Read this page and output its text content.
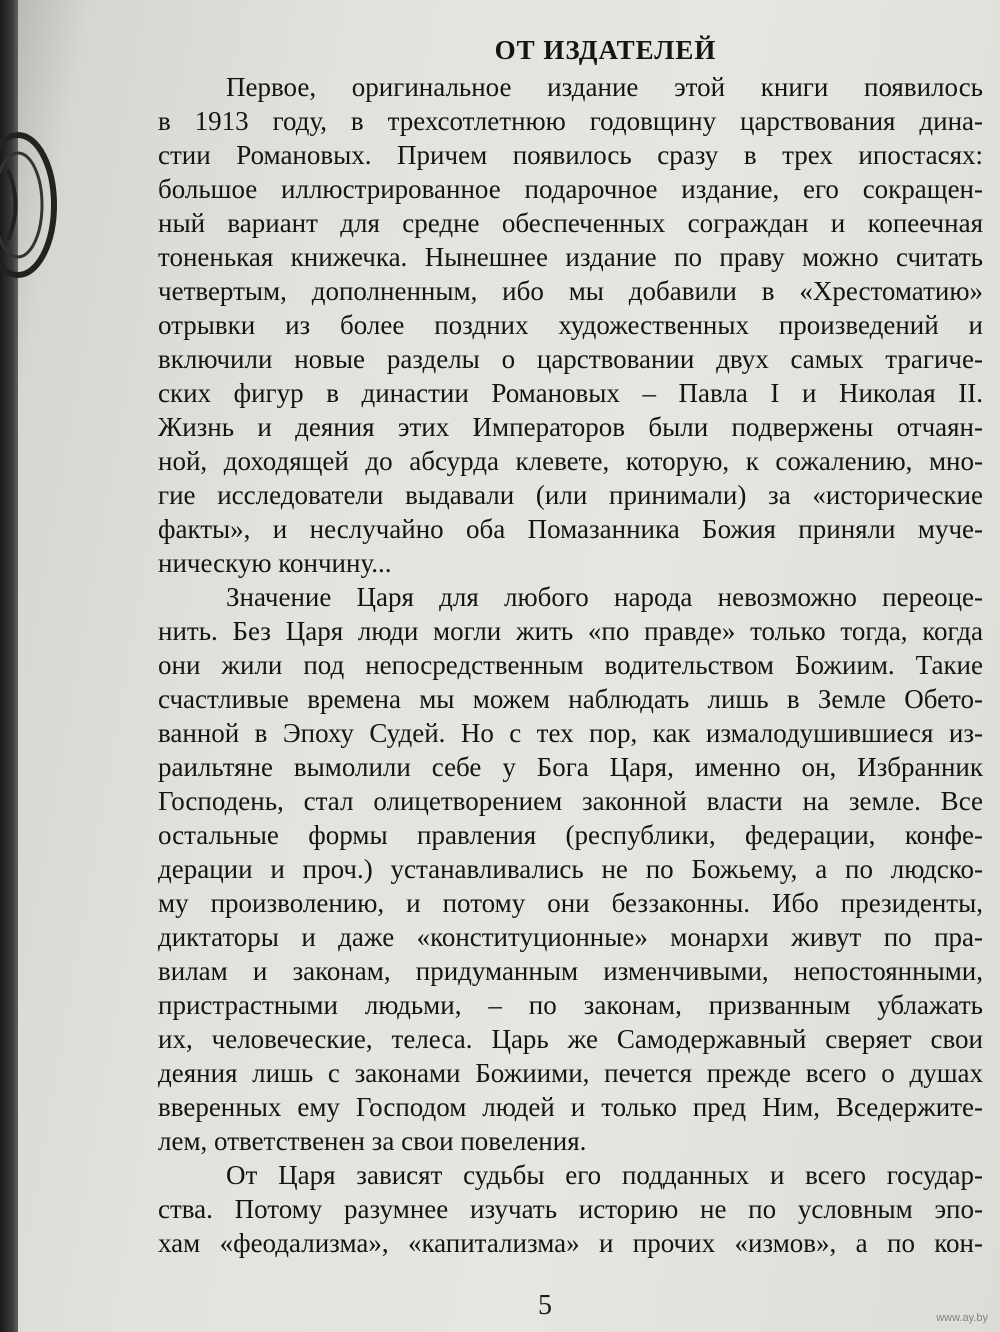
ОТ ИЗДАТЕЛЕЙ
Первое, оригинальное издание этой книги появилось
в 1913 году, в трехсотлетнюю годовщину царствования дина-
стии Романовых. Причем появилось сразу в трех ипостасях:
большое иллюстрированное подарочное издание, его сокращен-
ный вариант для средне обеспеченных сограждан и копеечная
тоненькая книжечка. Нынешнее издание по праву можно считать
четвертым, дополненным, ибо мы добавили в «Хрестоматию»
отрывки из более поздних художественных произведений и
включили новые разделы о царствовании двух самых трагиче-
ских фигур в династии Романовых – Павла I и Николая II.
Жизнь и деяния этих Императоров были подвержены отчаян-
ной, доходящей до абсурда клевете, которую, к сожалению, мно-
гие исследователи выдавали (или принимали) за «исторические
факты», и неслучайно оба Помазанника Божия приняли муче-
ническую кончину...
Значение Царя для любого народа невозможно переоце-
нить. Без Царя люди могли жить «по правде» только тогда, когда
они жили под непосредственным водительством Божиим. Такие
счастливые времена мы можем наблюдать лишь в Земле Обето-
ванной в Эпоху Судей. Но с тех пор, как измалодушившиеся из-
раильтяне вымолили себе у Бога Царя, именно он, Избранник
Господень, стал олицетворением законной власти на земле. Все
остальные формы правления (республики, федерации, конфе-
дерации и проч.) устанавливались не по Божьему, а по людско-
му произволению, и потому они беззаконны. Ибо президенты,
диктаторы и даже «конституционные» монархи живут по пра-
вилам и законам, придуманным изменчивыми, непостоянными,
пристрастными людьми, – по законам, призванным ублажать
их, человеческие, телеса. Царь же Самодержавный сверяет свои
деяния лишь с законами Божиими, печется прежде всего о душах
вверенных ему Господом людей и только пред Ним, Вседержите-
лем, ответственен за свои повеления.
От Царя зависят судьбы его подданных и всего государ-
ства. Потому разумнее изучать историю не по условным эпо-
хам «феодализма», «капитализма» и прочих «измов», а по кон-
5	www.ay.by
